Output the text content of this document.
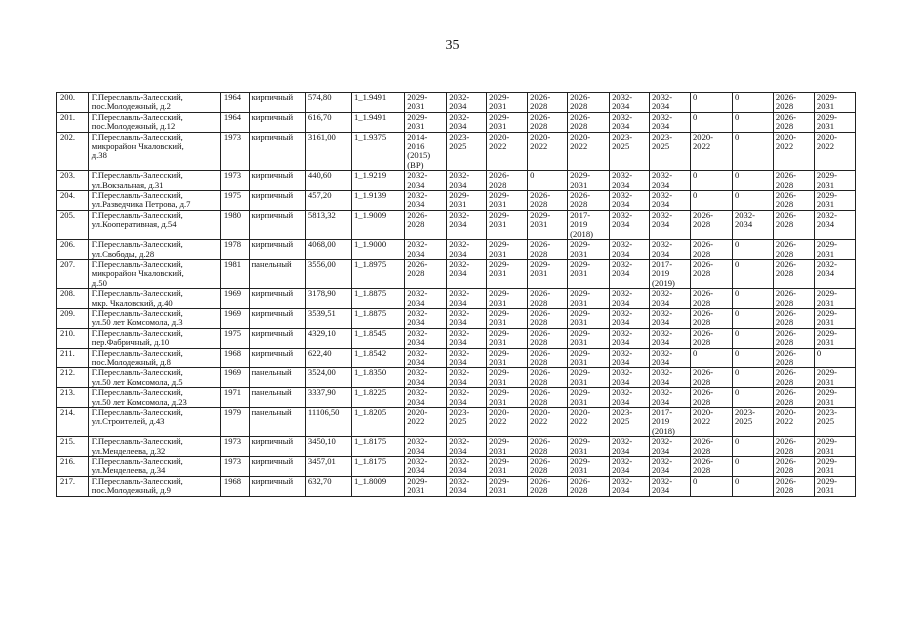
35
200.	Г.Переславль-Залесский,
пос.Молодежный, д.2	1964	кирпичный	574,80	1_1.9491	2029-
2031	2032-
2034	2029-
2031	2026-
2028	2026-
2028	2032-
2034	2032-
2034	0	0	2026-
2028	2029-
2031

201.	Г.Переславль-Залесский,
пос.Молодежный, д.12	1964	кирпичный	616,70	1_1.9491	2029-
2031	2032-
2034	2029-
2031	2026-
2028	2026-
2028	2032-
2034	2032-
2034	0	0	2026-
2028	2029-
2031

202.	Г.Переславль-Залесский,
микрорайон Чкаловский,
д.38	1973	кирпичный	3161,00	1_1.9375	2014-
2016
(2015)
(ВР)	2023-
2025	2020-
2022	2020-
2022	2020-
2022	2023-
2025	2023-
2025	2020-
2022	0	2020-
2022	2020-
2022

203.	Г.Переславль-Залесский,
ул.Вокзальная, д.31	1973	кирпичный	440,60	1_1.9219	2032-
2034	2032-
2034	2026-
2028	0	2029-
2031	2032-
2034	2032-
2034	0	0	2026-
2028	2029-
2031

204.	Г.Переславль-Залесский,
ул.Разведчика Петрова, д.7	1975	кирпичный	457,20	1_1.9139	2032-
2034	2029-
2031	2029-
2031	2026-
2028	2026-
2028	2032-
2034	2032-
2034	0	0	2026-
2028	2029-
2031

205.	Г.Переславль-Залесский,
ул.Кооперативная, д.54	1980	кирпичный	5813,32	1_1.9009	2026-
2028	2032-
2034	2029-
2031	2029-
2031	2017-
2019
(2018)	2032-
2034	2032-
2034	2026-
2028	2032-
2034	2026-
2028	2032-
2034

206.	Г.Переславль-Залесский,
ул.Свободы, д.28	1978	кирпичный	4068,00	1_1.9000	2032-
2034	2032-
2034	2029-
2031	2026-
2028	2029-
2031	2032-
2034	2032-
2034	2026-
2028	0	2026-
2028	2029-
2031

207.	Г.Переславль-Залесский,
микрорайон Чкаловский,
д.50	1981	панельный	3556,00	1_1.8975	2026-
2028	2032-
2034	2029-
2031	2029-
2031	2029-
2031	2032-
2034	2017-
2019
(2019)	2026-
2028	0	2026-
2028	2032-
2034

208.	Г.Переславль-Залесский,
мкр. Чкаловский, д.40	1969	кирпичный	3178,90	1_1.8875	2032-
2034	2032-
2034	2029-
2031	2026-
2028	2029-
2031	2032-
2034	2032-
2034	2026-
2028	0	2026-
2028	2029-
2031

209.	Г.Переславль-Залесский,
ул.50 лет Комсомола, д.3	1969	кирпичный	3539,51	1_1.8875	2032-
2034	2032-
2034	2029-
2031	2026-
2028	2029-
2031	2032-
2034	2032-
2034	2026-
2028	0	2026-
2028	2029-
2031

210.	Г.Переславль-Залесский,
пер.Фабричный, д.10	1975	кирпичный	4329,10	1_1.8545	2032-
2034	2032-
2034	2029-
2031	2026-
2028	2029-
2031	2032-
2034	2032-
2034	2026-
2028	0	2026-
2028	2029-
2031

211.	Г.Переславль-Залесский,
пос.Молодежный, д.8	1968	кирпичный	622,40	1_1.8542	2032-
2034	2032-
2034	2029-
2031	2026-
2028	2029-
2031	2032-
2034	2032-
2034	0	0	2026-
2028	0

212.	Г.Переславль-Залесский,
ул.50 лет Комсомола, д.5	1969	панельный	3524,00	1_1.8350	2032-
2034	2032-
2034	2029-
2031	2026-
2028	2029-
2031	2032-
2034	2032-
2034	2026-
2028	0	2026-
2028	2029-
2031

213.	Г.Переславль-Залесский,
ул.50 лет Комсомола, д.23	1971	панельный	3337,90	1_1.8225	2032-
2034	2032-
2034	2029-
2031	2026-
2028	2029-
2031	2032-
2034	2032-
2034	2026-
2028	0	2026-
2028	2029-
2031

214.	Г.Переславль-Залесский,
ул.Строителей, д.43	1979	панельный	11106,50	1_1.8205	2020-
2022	2023-
2025	2020-
2022	2020-
2022	2020-
2022	2023-
2025	2017-
2019
(2018)	2020-
2022	2023-
2025	2020-
2022	2023-
2025

215.	Г.Переславль-Залесский,
ул.Менделеева, д.32	1973	кирпичный	3450,10	1_1.8175	2032-
2034	2032-
2034	2029-
2031	2026-
2028	2029-
2031	2032-
2034	2032-
2034	2026-
2028	0	2026-
2028	2029-
2031

216.	Г.Переславль-Залесский,
ул.Менделеева, д.34	1973	кирпичный	3457,01	1_1.8175	2032-
2034	2032-
2034	2029-
2031	2026-
2028	2029-
2031	2032-
2034	2032-
2034	2026-
2028	0	2026-
2028	2029-
2031

217.	Г.Переславль-Залесский,
пос.Молодежный, д.9	1968	кирпичный	632,70	1_1.8009	2029-
2031	2032-
2034	2029-
2031	2026-
2028	2026-
2028	2032-
2034	2032-
2034	0	0	2026-
2028	2029-
2031
